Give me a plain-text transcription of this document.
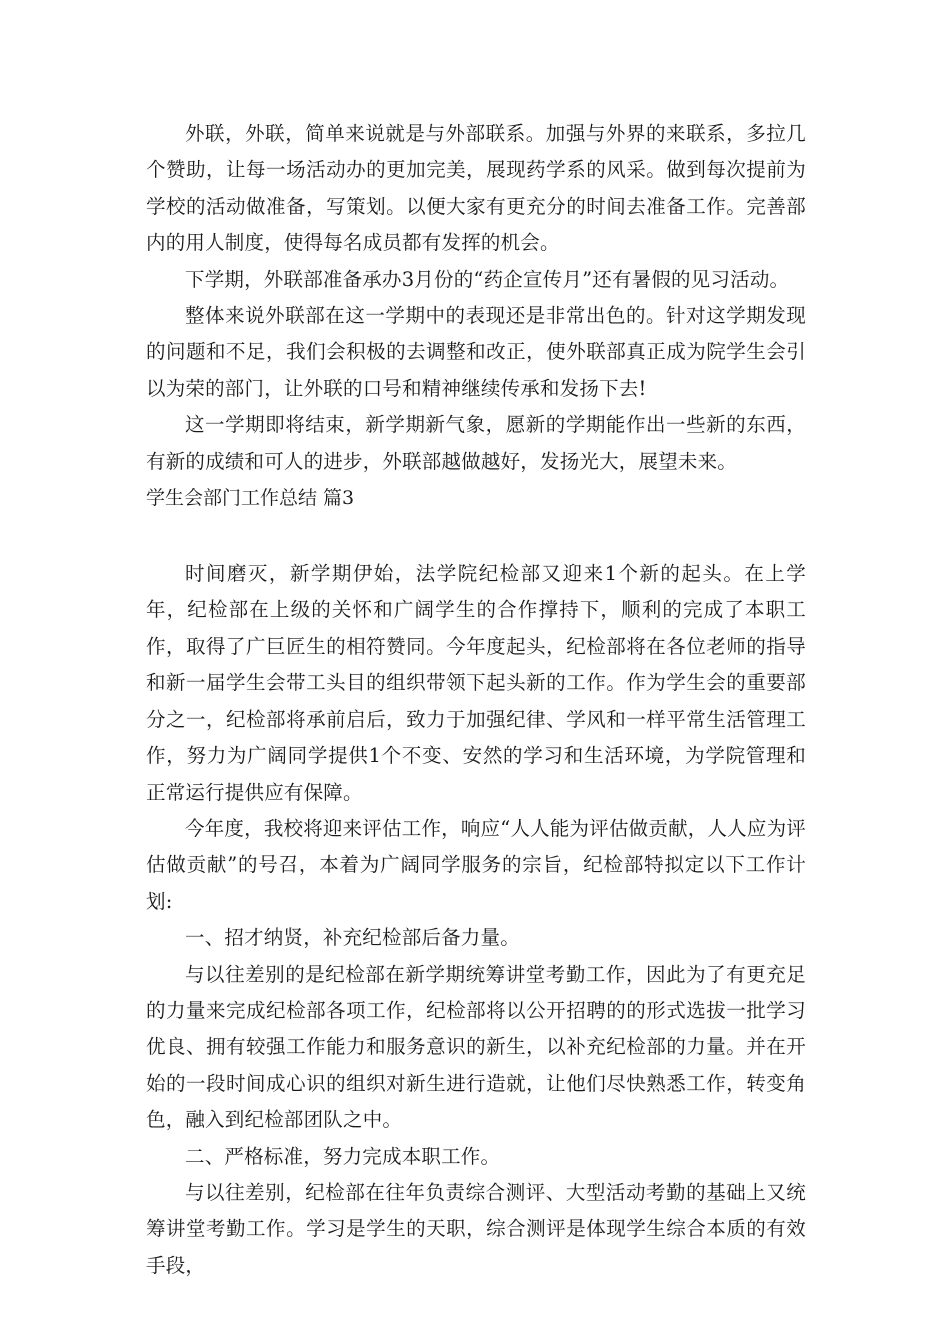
外联，外联，简单来说就是与外部联系。加强与外界的来联系，多拉几个赞助，让每一场活动办的更加完美，展现药学系的风采。做到每次提前为学校的活动做准备，写策划。以便大家有更充分的时间去准备工作。完善部内的用人制度，使得每名成员都有发挥的机会。

下学期，外联部准备承办3月份的“药企宣传月”还有暑假的见习活动。

整体来说外联部在这一学期中的表现还是非常出色的。针对这学期发现的问题和不足，我们会积极的去调整和改正，使外联部真正成为院学生会引以为荣的部门，让外联的口号和精神继续传承和发扬下去!

这一学期即将结束，新学期新气象，愿新的学期能作出一些新的东西，有新的成绩和可人的进步，外联部越做越好，发扬光大，展望未来。

学生会部门工作总结 篇3

时间磨灭，新学期伊始，法学院纪检部又迎来1个新的起头。在上学年，纪检部在上级的关怀和广阔学生的合作撑持下，顺利的完成了本职工作，取得了广巨匠生的相符赞同。今年度起头，纪检部将在各位老师的指导和新一届学生会带工头目的组织带领下起头新的工作。作为学生会的重要部分之一，纪检部将承前启后，致力于加强纪律、学风和一样平常生活管理工作，努力为广阔同学提供1个不变、安然的学习和生活环境，为学院管理和正常运行提供应有保障。

今年度，我校将迎来评估工作，响应“人人能为评估做贡献，人人应为评估做贡献”的号召，本着为广阔同学服务的宗旨，纪检部特拟定以下工作计划:

一、招才纳贤，补充纪检部后备力量。

与以往差别的是纪检部在新学期统筹讲堂考勤工作，因此为了有更充足的力量来完成纪检部各项工作，纪检部将以公开招聘的的形式选拔一批学习优良、拥有较强工作能力和服务意识的新生，以补充纪检部的力量。并在开始的一段时间成心识的组织对新生进行造就，让他们尽快熟悉工作，转变角色，融入到纪检部团队之中。

二、严格标准，努力完成本职工作。

与以往差别，纪检部在往年负责综合测评、大型活动考勤的基础上又统筹讲堂考勤工作。学习是学生的天职，综合测评是体现学生综合本质的有效手段，
